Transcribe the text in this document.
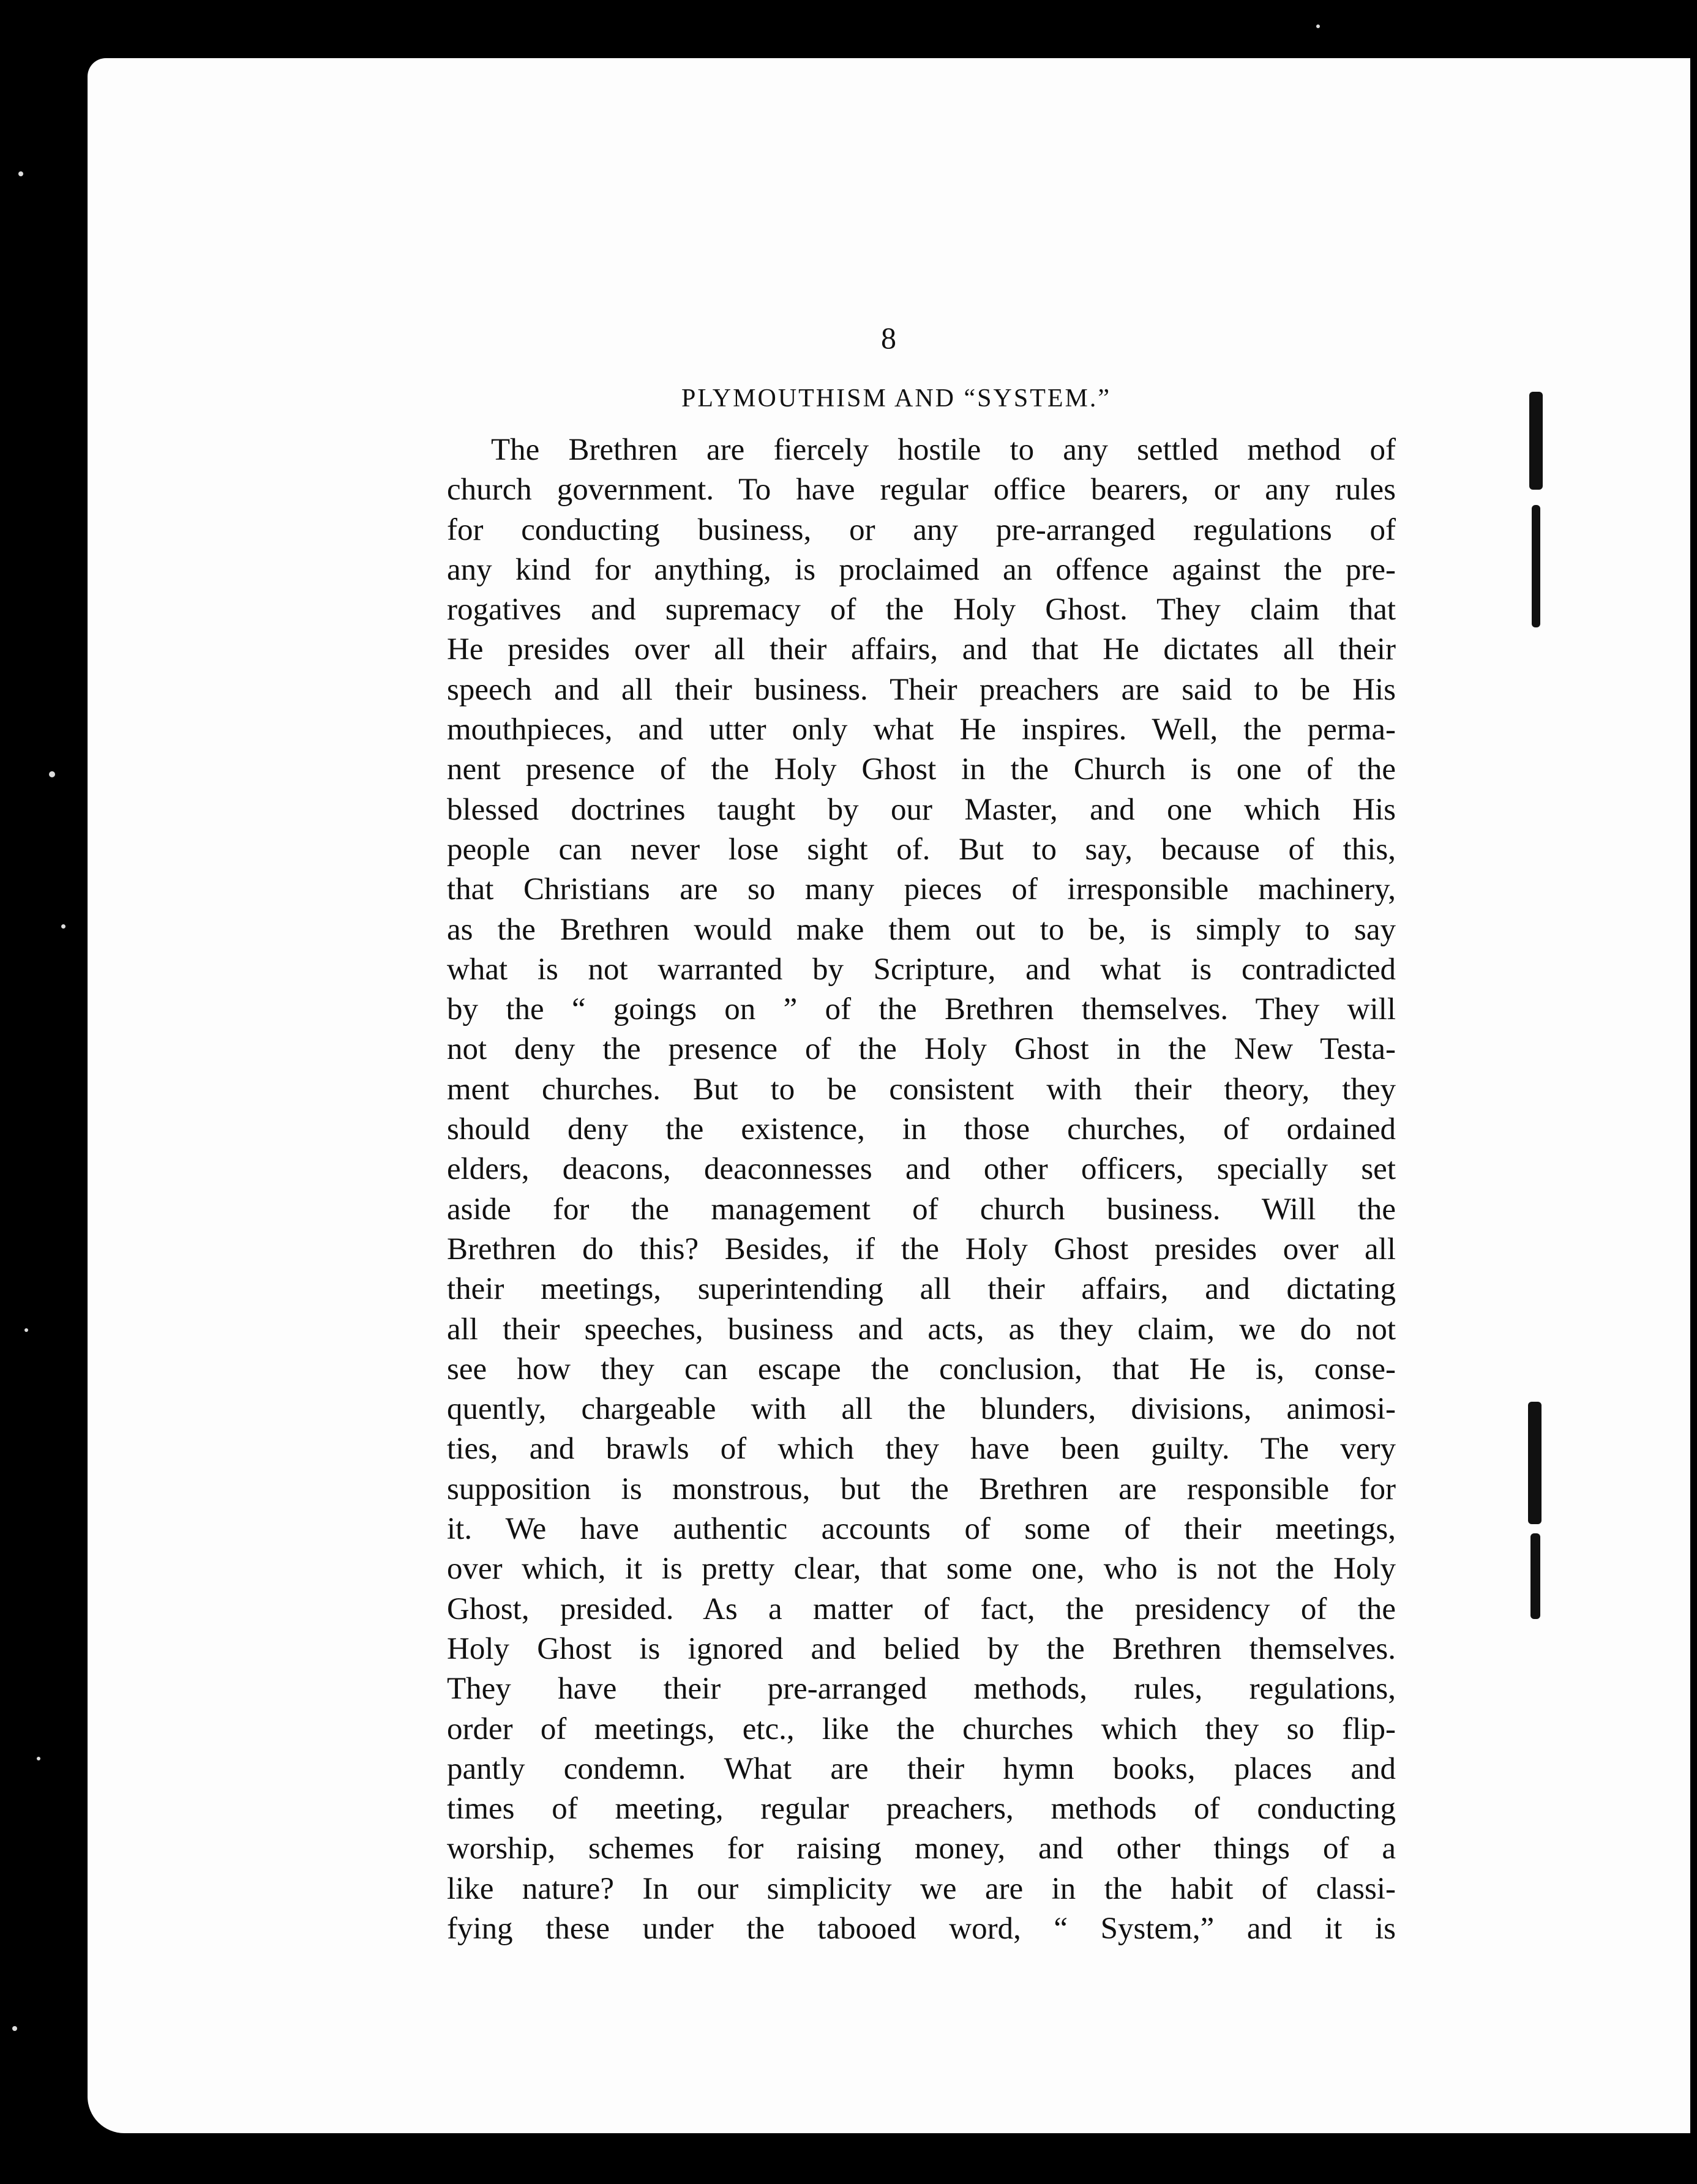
8
PLYMOUTHISM AND “SYSTEM.”
The Brethren are fiercely hostile to any settled method of
church government. To have regular office bearers, or any rules
for conducting business, or any pre-arranged regulations of
any kind for anything, is proclaimed an offence against the pre-
rogatives and supremacy of the Holy Ghost. They claim that
He presides over all their affairs, and that He dictates all their
speech and all their business. Their preachers are said to be His
mouthpieces, and utter only what He inspires. Well, the perma-
nent presence of the Holy Ghost in the Church is one of the
blessed doctrines taught by our Master, and one which His
people can never lose sight of. But to say, because of this,
that Christians are so many pieces of irresponsible machinery,
as the Brethren would make them out to be, is simply to say
what is not warranted by Scripture, and what is contradicted
by the “ goings on ” of the Brethren themselves. They will
not deny the presence of the Holy Ghost in the New Testa-
ment churches. But to be consistent with their theory, they
should deny the existence, in those churches, of ordained
elders, deacons, deaconnesses and other officers, specially set
aside for the management of church business. Will the
Brethren do this? Besides, if the Holy Ghost presides over all
their meetings, superintending all their affairs, and dictating
all their speeches, business and acts, as they claim, we do not
see how they can escape the conclusion, that He is, conse-
quently, chargeable with all the blunders, divisions, animosi-
ties, and brawls of which they have been guilty. The very
supposition is monstrous, but the Brethren are responsible for
it. We have authentic accounts of some of their meetings,
over which, it is pretty clear, that some one, who is not the Holy
Ghost, presided. As a matter of fact, the presidency of the
Holy Ghost is ignored and belied by the Brethren themselves.
They have their pre-arranged methods, rules, regulations,
order of meetings, etc., like the churches which they so flip-
pantly condemn. What are their hymn books, places and
times of meeting, regular preachers, methods of conducting
worship, schemes for raising money, and other things of a
like nature? In our simplicity we are in the habit of classi-
fying these under the tabooed word, “ System,” and it is
